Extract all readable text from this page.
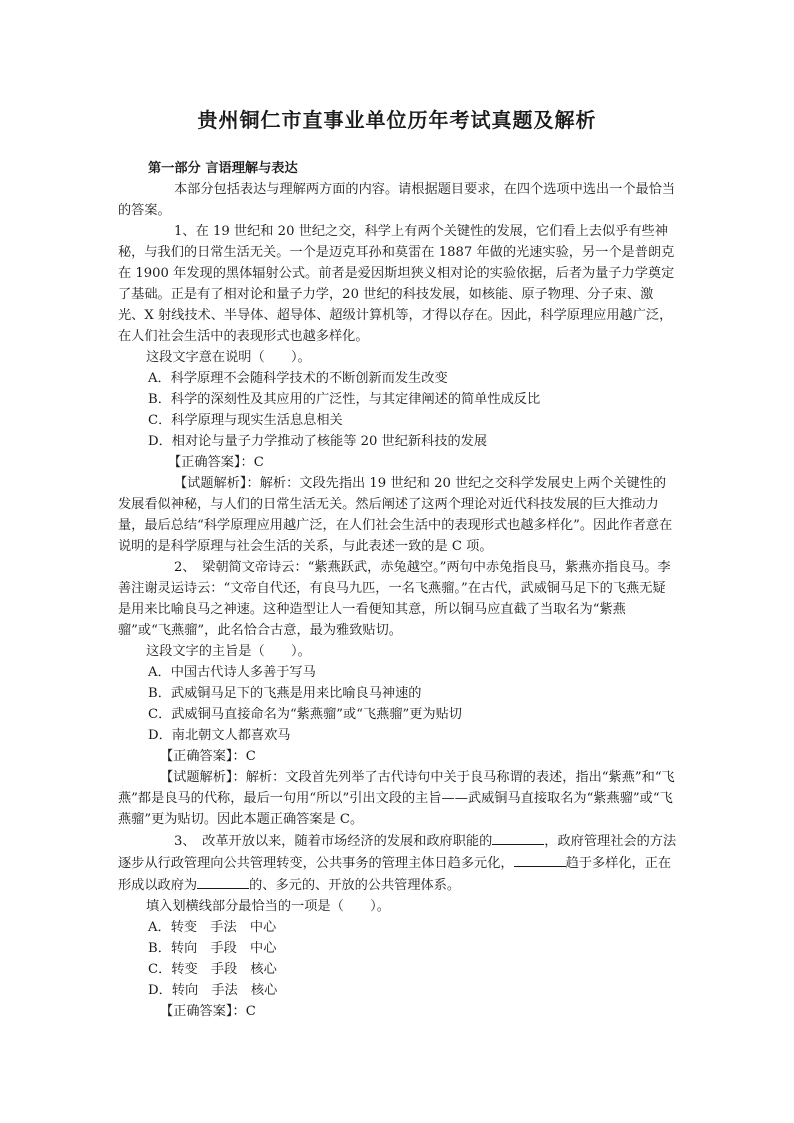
贵州铜仁市直事业单位历年考试真题及解析

第一部分 言语理解与表达

本部分包括表达与理解两方面的内容。请根据题目要求，在四个选项中选出一个最恰当的答案。

1、在 19 世纪和 20 世纪之交，科学上有两个关键性的发展，它们看上去似乎有些神秘，与我们的日常生活无关。一个是迈克耳孙和莫雷在 1887 年做的光速实验，另一个是普朗克在 1900 年发现的黑体辐射公式。前者是爱因斯坦狭义相对论的实验依据，后者为量子力学奠定了基础。正是有了相对论和量子力学，20 世纪的科技发展，如核能、原子物理、分子束、激光、X 射线技术、半导体、超导体、超级计算机等，才得以存在。因此，科学原理应用越广泛，在人们社会生活中的表现形式也越多样化。

这段文字意在说明（　　）。

A．科学原理不会随科学技术的不断创新而发生改变

B．科学的深刻性及其应用的广泛性，与其定律阐述的简单性成反比

C．科学原理与现实生活息息相关

D．相对论与量子力学推动了核能等 20 世纪新科技的发展

【正确答案】：C

【试题解析】：解析：文段先指出 19 世纪和 20 世纪之交科学发展史上两个关键性的发展看似神秘，与人们的日常生活无关。然后阐述了这两个理论对近代科技发展的巨大推动力量，最后总结“科学原理应用越广泛，在人们社会生活中的表现形式也越多样化”。因此作者意在说明的是科学原理与社会生活的关系，与此表述一致的是 C 项。

2、　梁朝简文帝诗云：“紫燕跃武，赤兔越空。”两句中赤兔指良马，紫燕亦指良马。李善注谢灵运诗云：“文帝自代还，有良马九匹，一名飞燕骝。”在古代，武威铜马足下的飞燕无疑是用来比喻良马之神速。这种造型让人一看便知其意，所以铜马应直截了当取名为“紫燕骝”或“飞燕骝”，此名恰合古意，最为雅致贴切。

这段文字的主旨是（　　）。

A．中国古代诗人多善于写马

B．武威铜马足下的飞燕是用来比喻良马神速的

C．武威铜马直接命名为“紫燕骝”或“飞燕骝”更为贴切

D．南北朝文人都喜欢马

【正确答案】：C

【试题解析】：解析：文段首先列举了古代诗句中关于良马称谓的表述，指出“紫燕”和“飞燕”都是良马的代称，最后一句用“所以”引出文段的主旨——武威铜马直接取名为“紫燕骝”或“飞燕骝”更为贴切。因此本题正确答案是 C。

3、　改革开放以来，随着市场经济的发展和政府职能的	，政府管理社会的方法逐步从行政管理向公共管理转变，公共事务的管理主体日趋多元化，	趋于多样化，正在形成以政府为	的、多元的、开放的公共管理体系。

填入划横线部分最恰当的一项是（　　）。

A．转变　手法　中心

B．转向　手段　中心

C．转变　手段　核心

D．转向　手法　核心

【正确答案】：C
